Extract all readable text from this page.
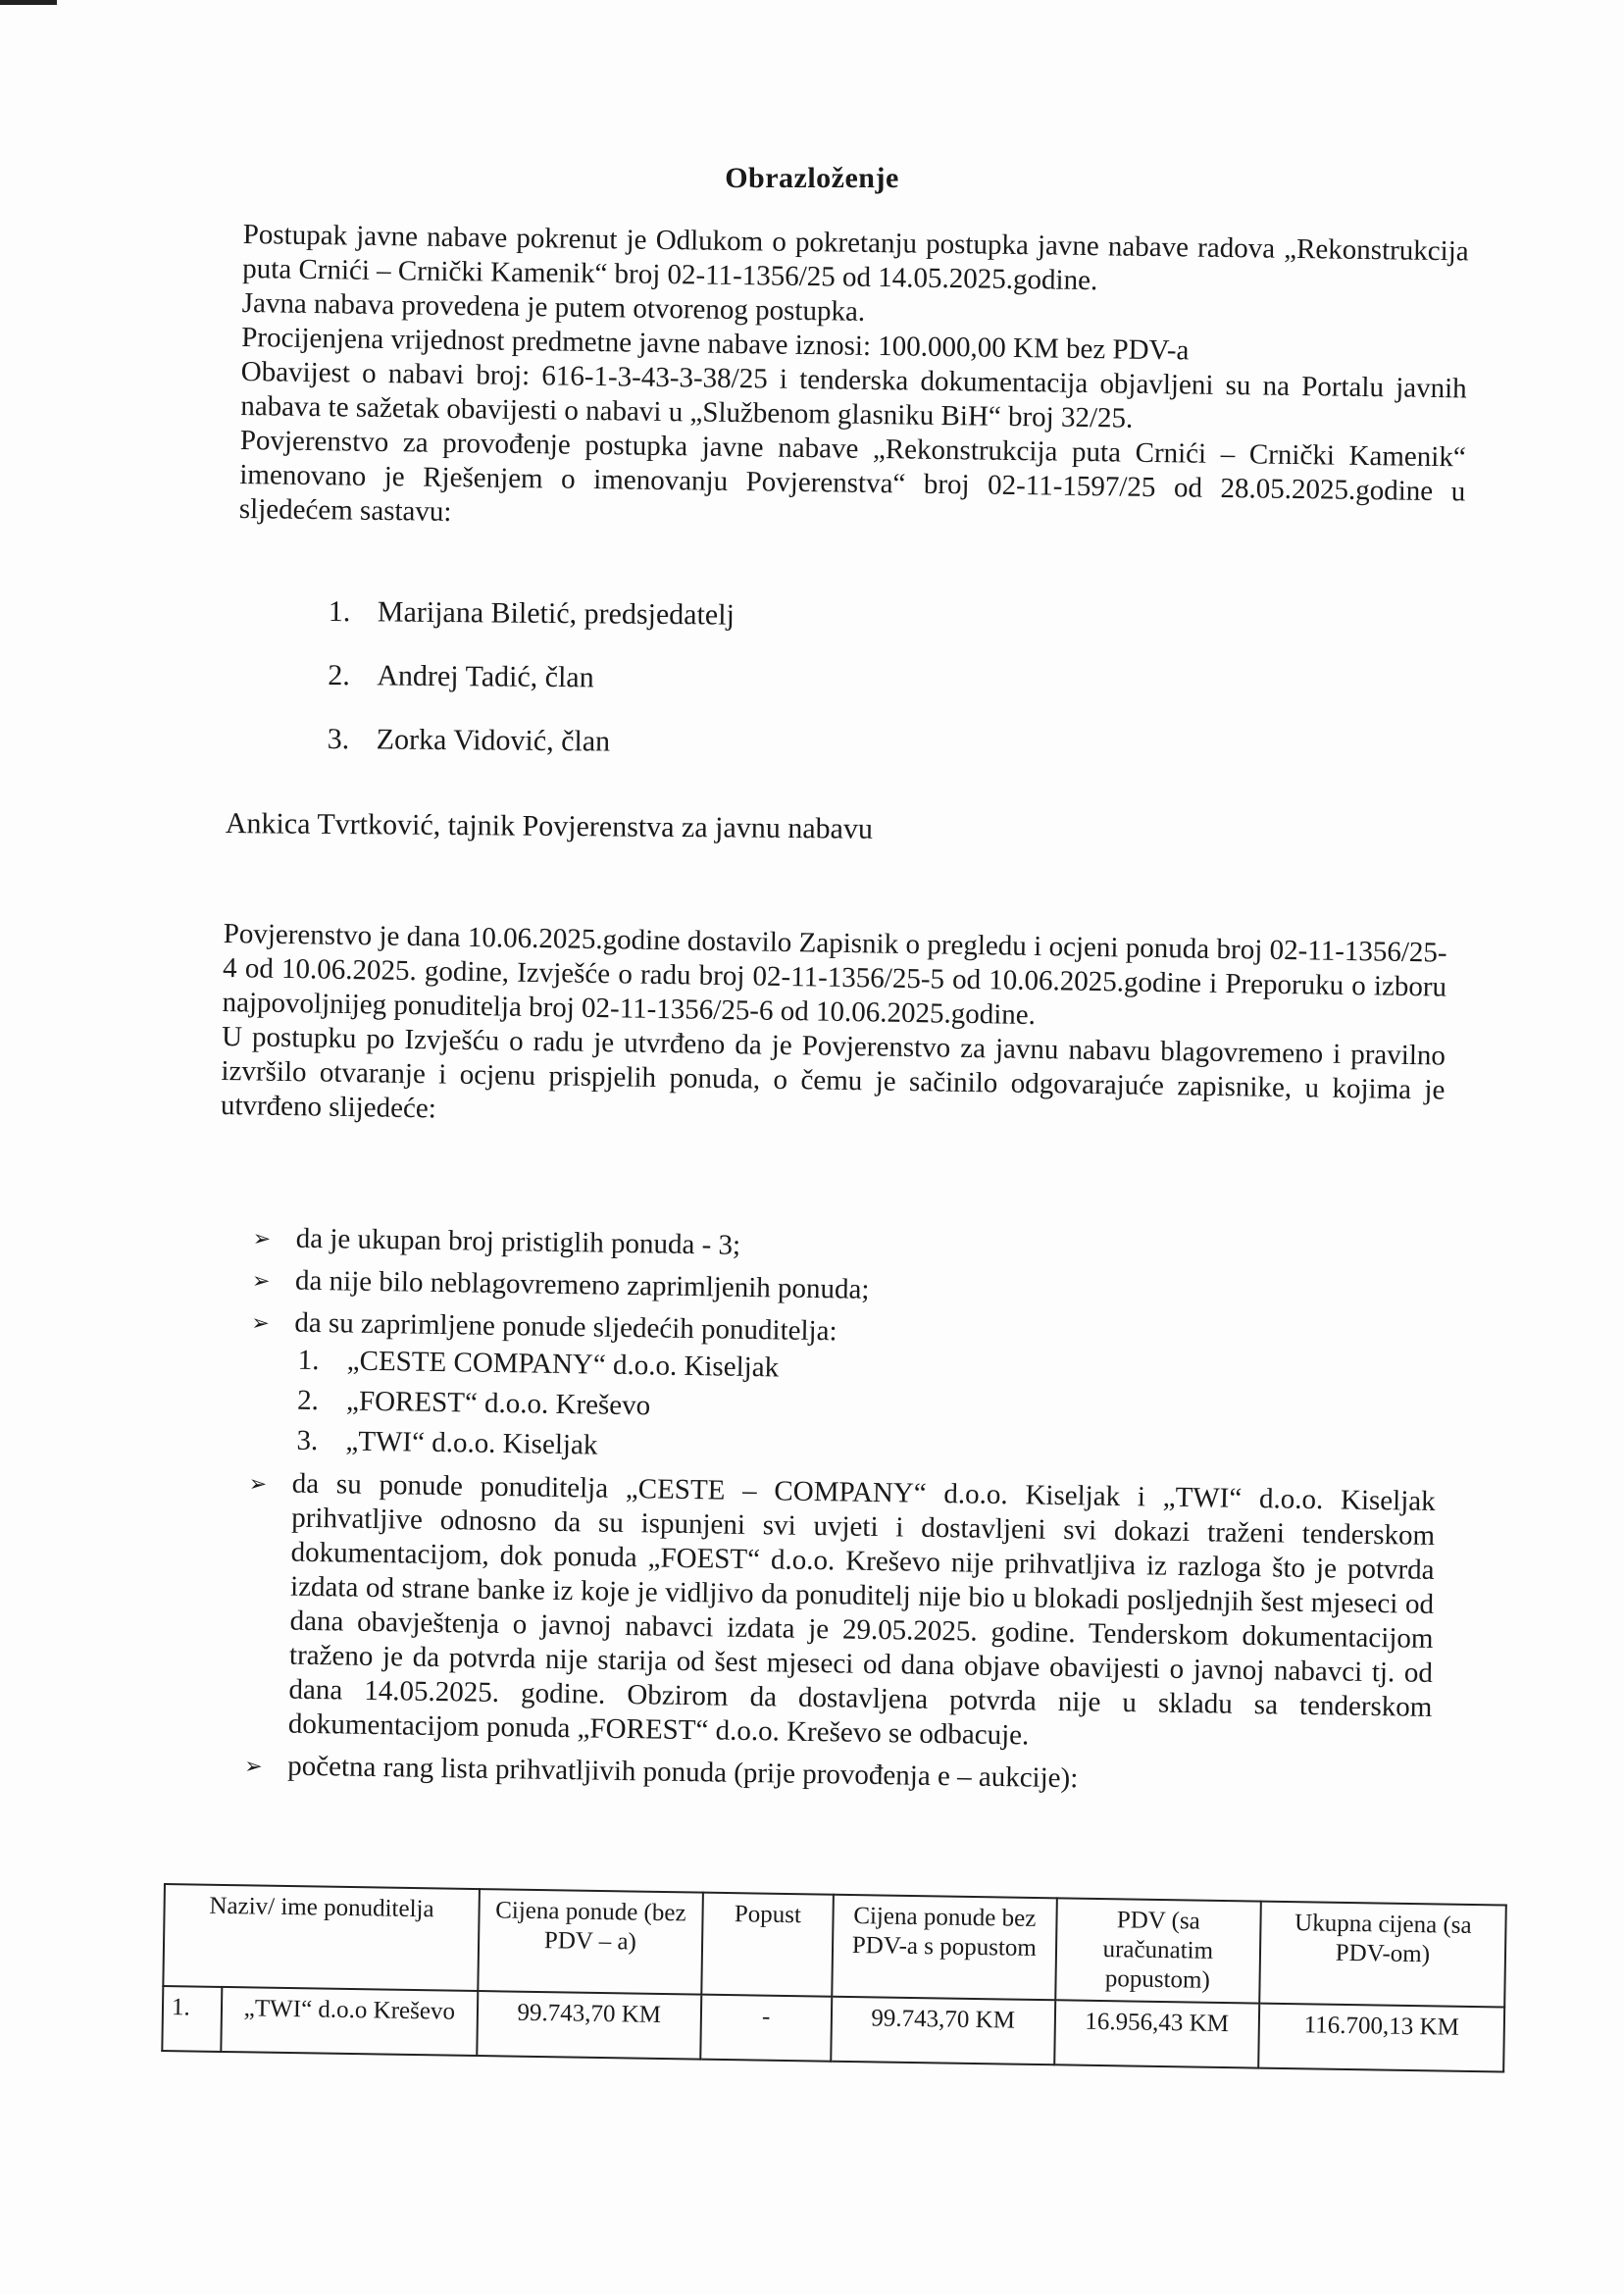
Obrazloženje

Postupak javne nabave pokrenut je Odlukom o pokretanju postupka javne nabave radova „Rekonstrukcija puta Crnići – Crnički Kamenik“ broj 02-11-1356/25 od 14.05.2025.godine.

Javna nabava provedena je putem otvorenog postupka.

Procijenjena vrijednost predmetne javne nabave iznosi: 100.000,00 KM bez PDV-a

Obavijest o nabavi broj: 616-1-3-43-3-38/25 i tenderska dokumentacija objavljeni su na Portalu javnih nabava te sažetak obavijesti o nabavi u „Službenom glasniku BiH“ broj 32/25.

Povjerenstvo za provođenje postupka javne nabave „Rekonstrukcija puta Crnići – Crnički Kamenik“ imenovano je Rješenjem o imenovanju Povjerenstva“ broj 02-11-1597/25 od 28.05.2025.godine u sljedećem sastavu:

1. Marijana Biletić, predsjedatelj
2. Andrej Tadić, član
3. Zorka Vidović, član
Ankica Tvrtković, tajnik Povjerenstva za javnu nabavu

Povjerenstvo je dana 10.06.2025.godine dostavilo Zapisnik o pregledu i ocjeni ponuda broj 02-11-1356/25-4 od 10.06.2025. godine, Izvješće o radu broj 02-11-1356/25-5 od 10.06.2025.godine i Preporuku o izboru najpovoljnijeg ponuditelja broj 02-11-1356/25-6 od 10.06.2025.godine.

U postupku po Izvješću o radu je utvrđeno da je Povjerenstvo za javnu nabavu blagovremeno i pravilno izvršilo otvaranje i ocjenu prispjelih ponuda, o čemu je sačinilo odgovarajuće zapisnike, u kojima je utvrđeno slijedeće:

➢ da je ukupan broj pristiglih ponuda - 3;
➢ da nije bilo neblagovremeno zaprimljenih ponuda;
➢ da su zaprimljene ponude sljedećih ponuditelja:
1. „CESTE COMPANY“ d.o.o. Kiseljak
2. „FOREST“ d.o.o. Kreševo
3. „TWI“ d.o.o. Kiseljak
➢ da su ponude ponuditelja „CESTE – COMPANY“ d.o.o. Kiseljak i „TWI“ d.o.o. Kiseljak prihvatljive odnosno da su ispunjeni svi uvjeti i dostavljeni svi dokazi traženi tenderskom dokumentacijom, dok ponuda „FOEST“ d.o.o. Kreševo nije prihvatljiva iz razloga što je potvrda izdata od strane banke iz koje je vidljivo da ponuditelj nije bio u blokadi posljednjih šest mjeseci od dana obavještenja o javnoj nabavci izdata je 29.05.2025. godine. Tenderskom dokumentacijom traženo je da potvrda nije starija od šest mjeseci od dana objave obavijesti o javnoj nabavci tj. od dana 14.05.2025. godine. Obzirom da dostavljena potvrda nije u skladu sa tenderskom dokumentacijom ponuda „FOREST“ d.o.o. Kreševo se odbacuje.
➢ početna rang lista prihvatljivih ponuda (prije provođenja e – aukcije):
Naziv/ ime ponuditelja		Cijena ponude (bez PDV – a)	Popust	Cijena ponude bez PDV-a s popustom	PDV (sa uračunatim popustom)	Ukupna cijena (sa PDV-om)
1.	„TWI“ d.o.o Kreševo	99.743,70 KM	-	99.743,70 KM	16.956,43 KM	116.700,13 KM
